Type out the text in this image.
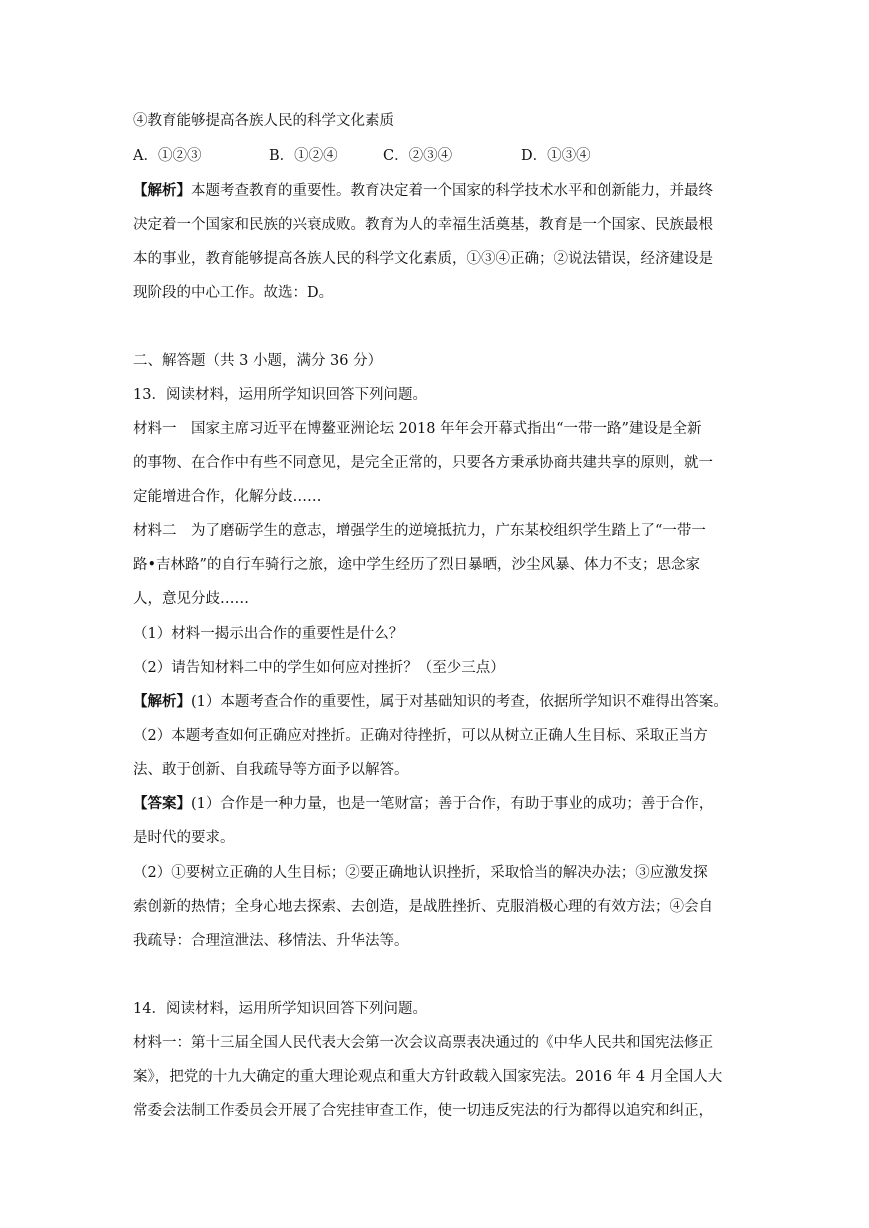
④教育能够提高各族人民的科学文化素质
A．①②③	B．①②④	C．②③④	D．①③④
【解析】本题考查教育的重要性。教育决定着一个国家的科学技术水平和创新能力，并最终
决定着一个国家和民族的兴衰成败。教育为人的幸福生活奠基，教育是一个国家、民族最根
本的事业，教育能够提高各族人民的科学文化素质，①③④正确；②说法错误，经济建设是
现阶段的中心工作。故选：D。
二、解答题（共 3 小题，满分 36 分）
13．阅读材料，运用所学知识回答下列问题。
材料一　国家主席习近平在博鳌亚洲论坛 2018 年年会开幕式指出“一带一路”建设是全新
的事物、在合作中有些不同意见，是完全正常的，只要各方秉承协商共建共享的原则，就一
定能增进合作，化解分歧……
材料二　为了磨砺学生的意志，增强学生的逆境抵抗力，广东某校组织学生踏上了“一带一
路•吉林路”的自行车骑行之旅，途中学生经历了烈日暴晒，沙尘风暴、体力不支；思念家
人，意见分歧……
（1）材料一揭示出合作的重要性是什么？
（2）请告知材料二中的学生如何应对挫折？（至少三点）
【解析】(1）本题考查合作的重要性，属于对基础知识的考查，依据所学知识不难得出答案。
（2）本题考查如何正确应对挫折。正确对待挫折，可以从树立正确人生目标、采取正当方
法、敢于创新、自我疏导等方面予以解答。
【答案】(1）合作是一种力量，也是一笔财富；善于合作，有助于事业的成功；善于合作，
是时代的要求。
（2）①要树立正确的人生目标；②要正确地认识挫折，采取恰当的解决办法；③应激发探
索创新的热情；全身心地去探索、去创造，是战胜挫折、克服消极心理的有效方法；④会自
我疏导：合理渲泄法、移情法、升华法等。
14．阅读材料，运用所学知识回答下列问题。
材料一：第十三届全国人民代表大会第一次会议高票表决通过的《中华人民共和国宪法修正
案》，把党的十九大确定的重大理论观点和重大方针政载入国家宪法。2016 年 4 月全国人大
常委会法制工作委员会开展了合宪挂审查工作，使一切违反宪法的行为都得以追究和纠正，
